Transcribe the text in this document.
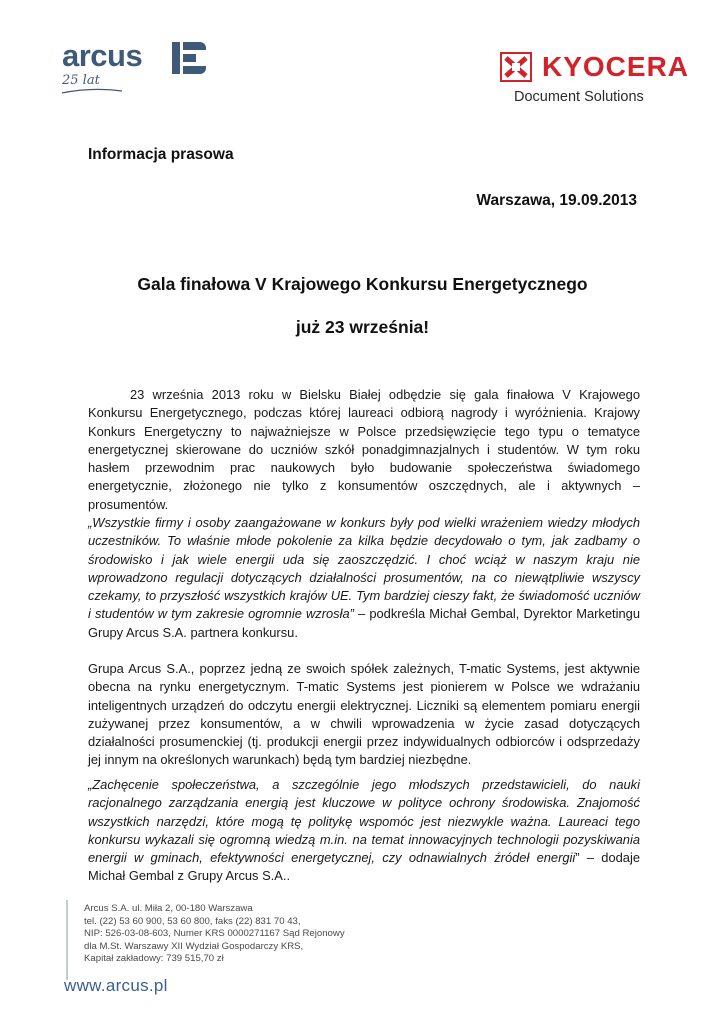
arcus
25 lat	KYOCERA
Document Solutions
Informacja prasowa
Warszawa, 19.09.2013
Gala finałowa V Krajowego Konkursu Energetycznego
już 23 września!

23 września 2013 roku w Bielsku Białej odbędzie się gala finałowa V Krajowego Konkursu Energetycznego, podczas której laureaci odbiorą nagrody i wyróżnienia. Krajowy Konkurs Energetyczny to najważniejsze w Polsce przedsięwzięcie tego typu o tematyce energetycznej skierowane do uczniów szkół ponadgimnazjalnych i studentów. W tym roku hasłem przewodnim prac naukowych było budowanie społeczeństwa świadomego energetycznie, złożonego nie tylko z konsumentów oszczędnych, ale i aktywnych – prosumentów.

„Wszystkie firmy i osoby zaangażowane w konkurs były pod wielki wrażeniem wiedzy młodych uczestników. To właśnie młode pokolenie za kilka będzie decydowało o tym, jak zadbamy o środowisko i jak wiele energii uda się zaoszczędzić. I choć wciąż w naszym kraju nie wprowadzono regulacji dotyczących działalności prosumentów, na co niewątpliwie wszyscy czekamy, to przyszłość wszystkich krajów UE. Tym bardziej cieszy fakt, że świadomość uczniów i studentów w tym zakresie ogromnie wzrosła” – podkreśla Michał Gembal, Dyrektor Marketingu Grupy Arcus S.A. partnera konkursu.

Grupa Arcus S.A., poprzez jedną ze swoich spółek zależnych, T-matic Systems, jest aktywnie obecna na rynku energetycznym. T-matic Systems jest pionierem w Polsce we wdrażaniu inteligentnych urządzeń do odczytu energii elektrycznej. Liczniki są elementem pomiaru energii zużywanej przez konsumentów, a w chwili wprowadzenia w życie zasad dotyczących działalności prosumenckiej (tj. produkcji energii przez indywidualnych odbiorców i odsprzedaży jej innym na określonych warunkach) będą tym bardziej niezbędne.

„Zachęcenie społeczeństwa, a szczególnie jego młodszych przedstawicieli, do nauki racjonalnego zarządzania energią jest kluczowe w polityce ochrony środowiska. Znajomość wszystkich narzędzi, które mogą tę politykę wspomóc jest niezwykle ważna. Laureaci tego konkursu wykazali się ogromną wiedzą m.in. na temat innowacyjnych technologii pozyskiwania energii w gminach, efektywności energetycznej, czy odnawialnych źródeł energii” – dodaje Michał Gembal z Grupy Arcus S.A..

Arcus S.A. ul. Miła 2, 00-180 Warszawa
tel. (22) 53 60 900, 53 60 800, faks (22) 831 70 43,
NIP: 526-03-08-603, Numer KRS 0000271167 Sąd Rejonowy
dla M.St. Warszawy XII Wydział Gospodarczy KRS,
Kapitał zakładowy: 739 515,70 zł
www.arcus.pl
